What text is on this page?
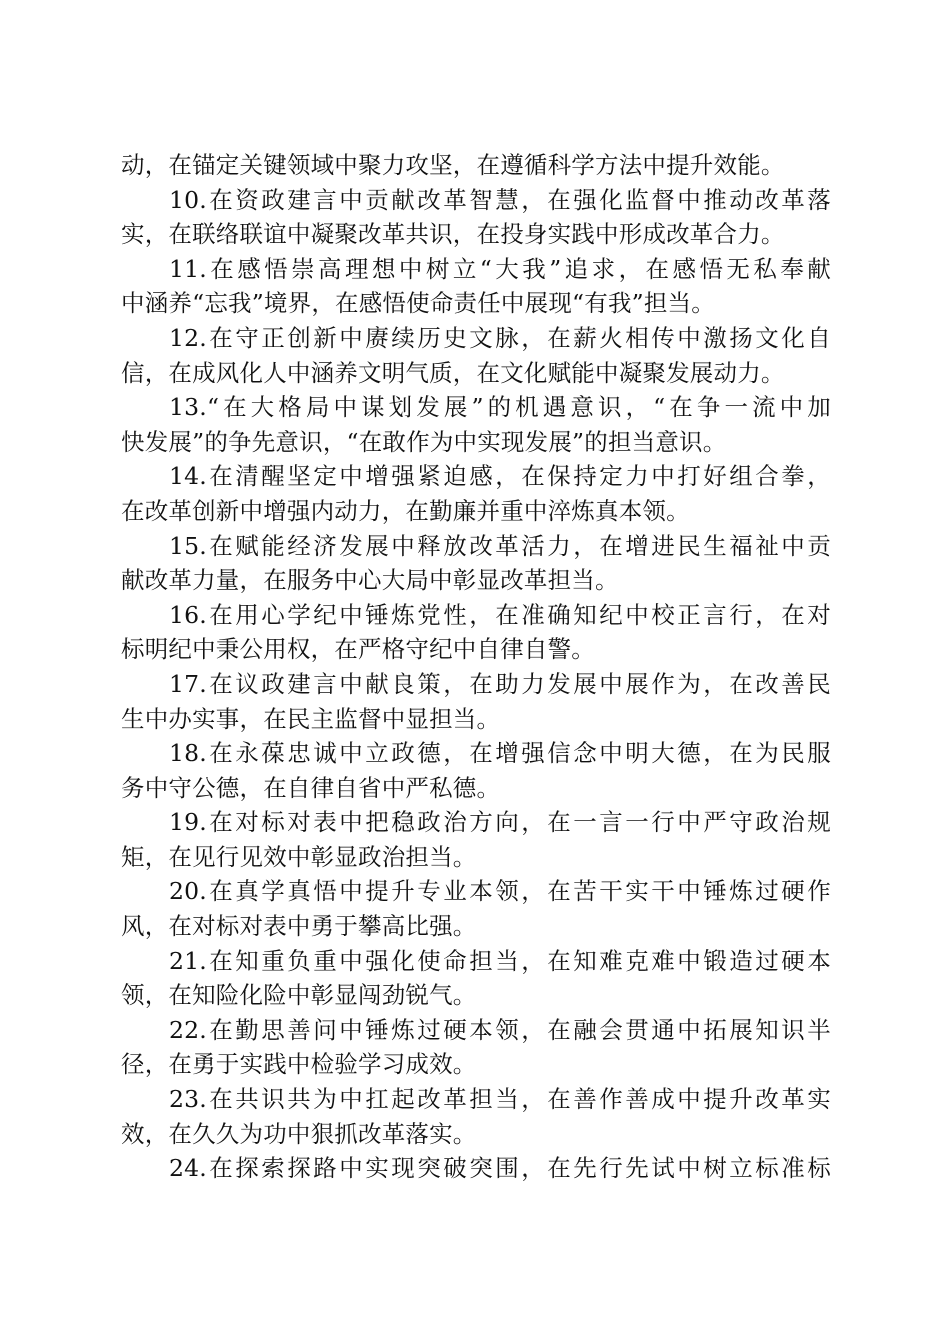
动，在锚定关键领域中聚力攻坚，在遵循科学方法中提升效能。

10.在资政建言中贡献改革智慧，在强化监督中推动改革落
实，在联络联谊中凝聚改革共识，在投身实践中形成改革合力。

11.在感悟崇高理想中树立“大我”追求，在感悟无私奉献
中涵养“忘我”境界，在感悟使命责任中展现“有我”担当。

12.在守正创新中赓续历史文脉，在薪火相传中激扬文化自
信，在成风化人中涵养文明气质，在文化赋能中凝聚发展动力。

13.“在大格局中谋划发展”的机遇意识，“在争一流中加
快发展”的争先意识，“在敢作为中实现发展”的担当意识。

14.在清醒坚定中增强紧迫感，在保持定力中打好组合拳，
在改革创新中增强内动力，在勤廉并重中淬炼真本领。

15.在赋能经济发展中释放改革活力，在增进民生福祉中贡
献改革力量，在服务中心大局中彰显改革担当。

16.在用心学纪中锤炼党性，在准确知纪中校正言行，在对
标明纪中秉公用权，在严格守纪中自律自警。

17.在议政建言中献良策，在助力发展中展作为，在改善民
生中办实事，在民主监督中显担当。

18.在永葆忠诚中立政德，在增强信念中明大德，在为民服
务中守公德，在自律自省中严私德。

19.在对标对表中把稳政治方向，在一言一行中严守政治规
矩，在见行见效中彰显政治担当。

20.在真学真悟中提升专业本领，在苦干实干中锤炼过硬作
风，在对标对表中勇于攀高比强。

21.在知重负重中强化使命担当，在知难克难中锻造过硬本
领，在知险化险中彰显闯劲锐气。

22.在勤思善问中锤炼过硬本领，在融会贯通中拓展知识半
径，在勇于实践中检验学习成效。

23.在共识共为中扛起改革担当，在善作善成中提升改革实
效，在久久为功中狠抓改革落实。

24.在探索探路中实现突破突围，在先行先试中树立标准标
